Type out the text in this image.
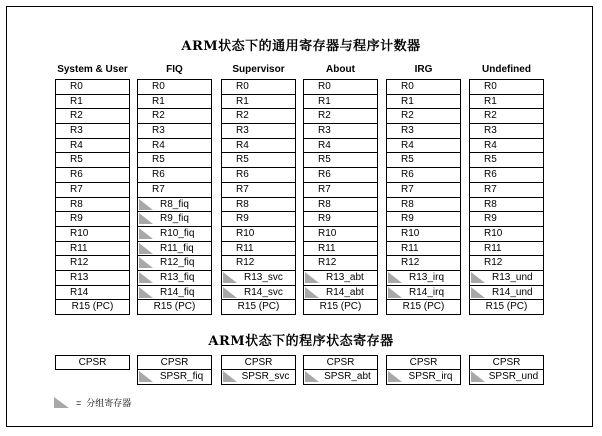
ARM状态下的通用寄存器与程序计数器
ARM状态下的程序状态寄存器
System & User
R0
R1
R2
R3
R4
R5
R6
R7
R8
R9
R10
R11
R12
R13
R14
R15 (PC)
FIQ
R0
R1
R2
R3
R4
R5
R6
R7
R8_fiq
R9_fiq
R10_fiq
R11_fiq
R12_fiq
R13_fiq
R14_fiq
R15 (PC)
Supervisor
R0
R1
R2
R3
R4
R5
R6
R7
R8
R9
R10
R11
R12
R13_svc
R14_svc
R15 (PC)
About
R0
R1
R2
R3
R4
R5
R6
R7
R8
R9
R10
R11
R12
R13_abt
R14_abt
R15 (PC)
IRG
R0
R1
R2
R3
R4
R5
R6
R7
R8
R9
R10
R11
R12
R13_irq
R14_irq
R15 (PC)
Undefined
R0
R1
R2
R3
R4
R5
R6
R7
R8
R9
R10
R11
R12
R13_und
R14_und
R15 (PC)
CPSR	CPSR
SPSR_fiq
CPSR
SPSR_svc
CPSR
SPSR_abt
CPSR
SPSR_irq
CPSR
SPSR_und
= 分组寄存器
